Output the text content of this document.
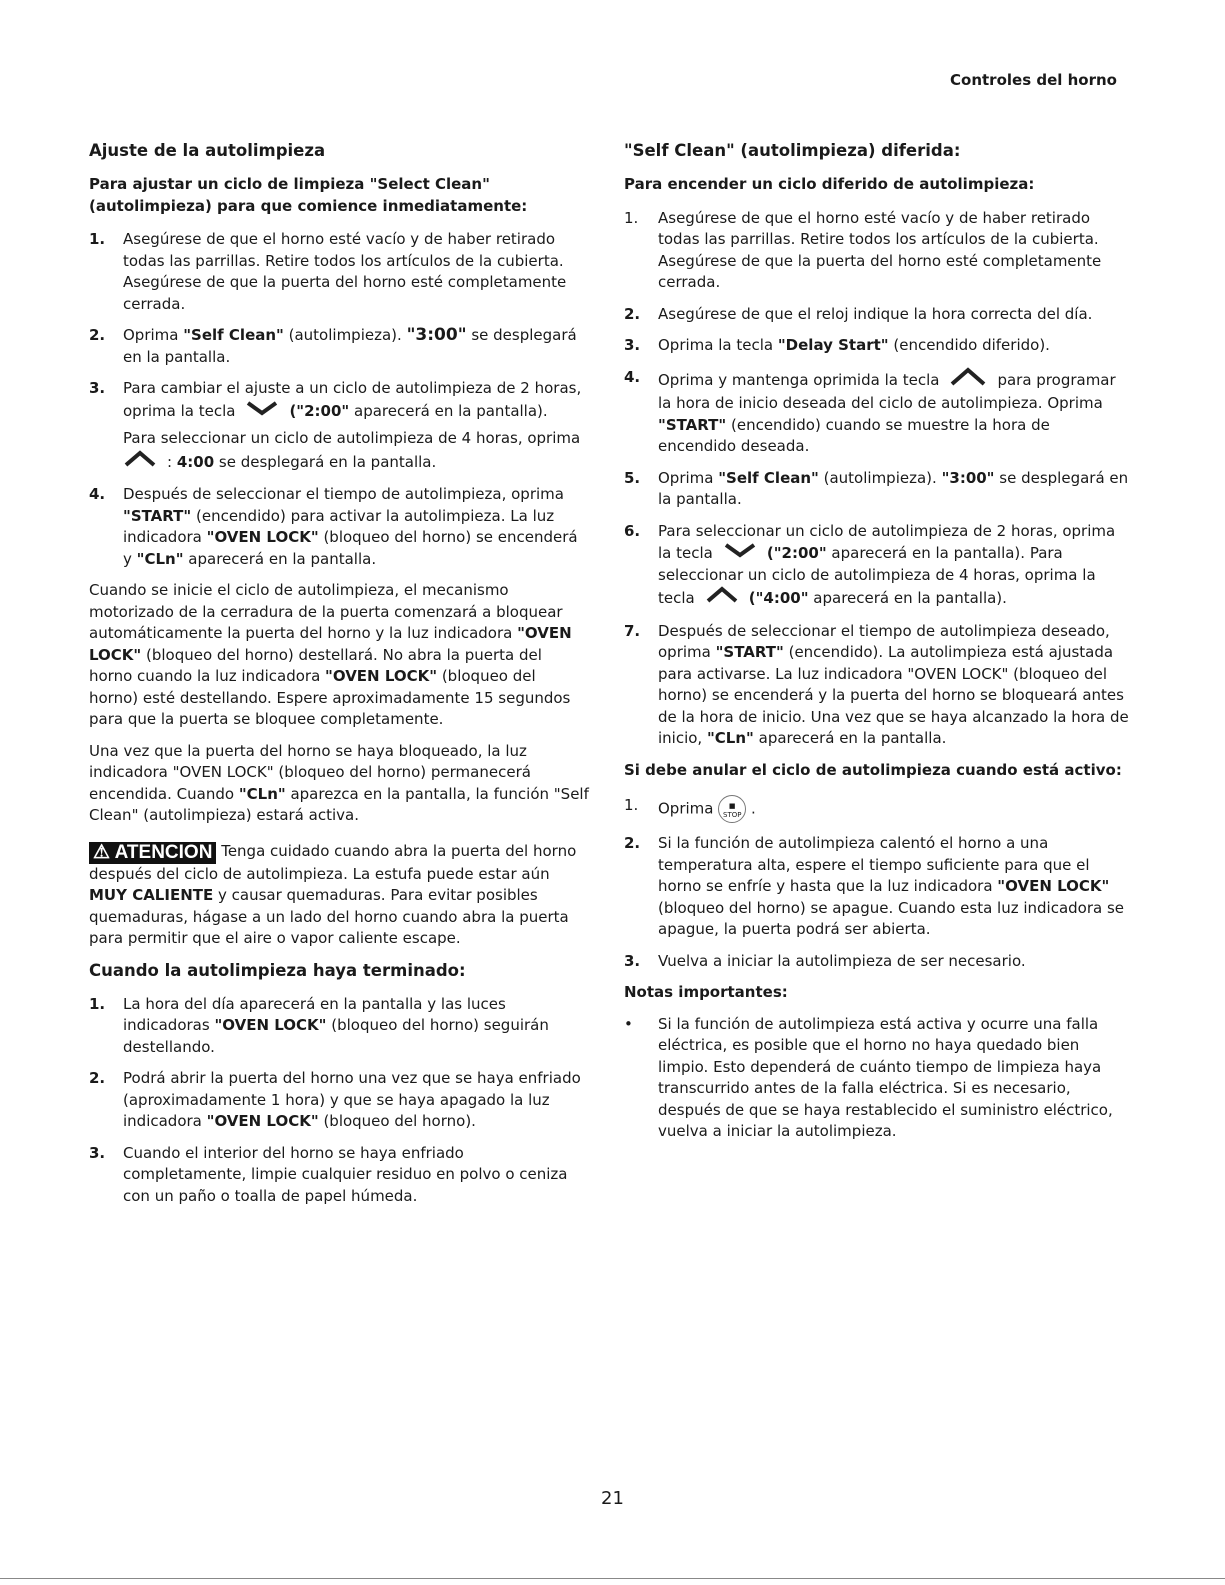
Controles del horno
Ajuste de la autolimpieza
Para ajustar un ciclo de limpieza "Select Clean" (autolimpieza) para que comience inmediatamente:
1. Asegúrese de que el horno esté vacío y de haber retirado todas las parrillas. Retire todos los artículos de la cubierta. Asegúrese de que la puerta del horno esté completamente cerrada.
2. Oprima "Self Clean" (autolimpieza). "3:00" se desplegará en la pantalla.
3. Para cambiar el ajuste a un ciclo de autolimpieza de 2 horas, oprima la tecla	("2:00" aparecerá en la pantalla).

Para seleccionar un ciclo de autolimpieza de 4 horas, oprima
: 4:00 se desplegará en la pantalla.

4. Después de seleccionar el tiempo de autolimpieza, oprima "START" (encendido) para activar la autolimpieza. La luz indicadora "OVEN LOCK" (bloqueo del horno) se encenderá y "CLn" aparecerá en la pantalla.

Cuando se inicie el ciclo de autolimpieza, el mecanismo motorizado de la cerradura de la puerta comenzará a bloquear automáticamente la puerta del horno y la luz indicadora "OVEN LOCK" (bloqueo del horno) destellará. No abra la puerta del horno cuando la luz indicadora "OVEN LOCK" (bloqueo del horno) esté destellando. Espere aproximadamente 15 segundos para que la puerta se bloquee completamente.

Una vez que la puerta del horno se haya bloqueado, la luz indicadora "OVEN LOCK" (bloqueo del horno) permanecerá encendida. Cuando "CLn" aparezca en la pantalla, la función "Self Clean" (autolimpieza) estará activa.

⚠ ATENCION Tenga cuidado cuando abra la puerta del horno después del ciclo de autolimpieza. La estufa puede estar aún MUY CALIENTE y causar quemaduras. Para evitar posibles quemaduras, hágase a un lado del horno cuando abra la puerta para permitir que el aire o vapor caliente escape.

Cuando la autolimpieza haya terminado:
1. La hora del día aparecerá en la pantalla y las luces indicadoras "OVEN LOCK" (bloqueo del horno) seguirán destellando.
2. Podrá abrir la puerta del horno una vez que se haya enfriado (aproximadamente 1 hora) y que se haya apagado la luz indicadora "OVEN LOCK" (bloqueo del horno).
3. Cuando el interior del horno se haya enfriado completamente, limpie cualquier residuo en polvo o ceniza con un paño o toalla de papel húmeda.
"Self Clean" (autolimpieza) diferida:
Para encender un ciclo diferido de autolimpieza:
1. Asegúrese de que el horno esté vacío y de haber retirado todas las parrillas. Retire todos los artículos de la cubierta. Asegúrese de que la puerta del horno esté completamente cerrada.
2. Asegúrese de que el reloj indique la hora correcta del día.
3. Oprima la tecla "Delay Start" (encendido diferido).
4. Oprima y mantenga oprimida la tecla	para programar la hora de inicio deseada del ciclo de autolimpieza. Oprima "START" (encendido) cuando se muestre la hora de encendido deseada.
5. Oprima "Self Clean" (autolimpieza). "3:00" se desplegará en la pantalla.
6. Para seleccionar un ciclo de autolimpieza de 2 horas, oprima la tecla	("2:00" aparecerá en la pantalla). Para seleccionar un ciclo de autolimpieza de 4 horas, oprima la tecla	("4:00" aparecerá en la pantalla).
7. Después de seleccionar el tiempo de autolimpieza deseado, oprima "START" (encendido). La autolimpieza está ajustada para activarse. La luz indicadora "OVEN LOCK" (bloqueo del horno) se encenderá y la puerta del horno se bloqueará antes de la hora de inicio. Una vez que se haya alcanzado la hora de inicio, "CLn" aparecerá en la pantalla.
Si debe anular el ciclo de autolimpieza cuando está activo:
1. Oprima ■
STOP .
2. Si la función de autolimpieza calentó el horno a una temperatura alta, espere el tiempo suficiente para que el horno se enfríe y hasta que la luz indicadora "OVEN LOCK" (bloqueo del horno) se apague. Cuando esta luz indicadora se apague, la puerta podrá ser abierta.
3. Vuelva a iniciar la autolimpieza de ser necesario.
Notas importantes:
• Si la función de autolimpieza está activa y ocurre una falla eléctrica, es posible que el horno no haya quedado bien limpio. Esto dependerá de cuánto tiempo de limpieza haya transcurrido antes de la falla eléctrica. Si es necesario, después de que se haya restablecido el suministro eléctrico, vuelva a iniciar la autolimpieza.
21
